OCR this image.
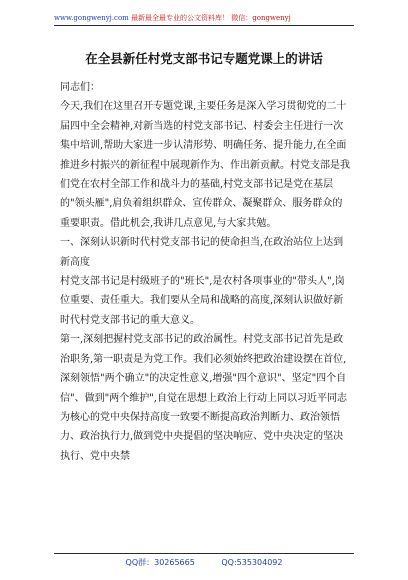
www.gongwenyj.com 最新最全最专业的公文资料库！ 微信：gongwenyj
在全县新任村党支部书记专题党课上的讲话

同志们：

今天,我们在这里召开专题党课,主要任务是深入学习贯彻党的二十届四中全会精神,对新当选的村党支部书记、村委会主任进行一次集中培训,帮助大家进一步认清形势、明确任务、提升能力,在全面推进乡村振兴的新征程中展现新作为、作出新贡献。村党支部是我们党在农村全部工作和战斗力的基础,村党支部书记是党在基层的"领头雁",肩负着组织群众、宣传群众、凝聚群众、服务群众的重要职责。借此机会,我讲几点意见,与大家共勉。

一、深刻认识新时代村党支部书记的使命担当,在政治站位上达到新高度

村党支部书记是村级班子的"班长",是农村各项事业的"带头人",岗位重要、责任重大。我们要从全局和战略的高度,深刻认识做好新时代村党支部书记的重大意义。

第一,深刻把握村党支部书记的政治属性。村党支部书记首先是政治职务,第一职责是为党工作。我们必须始终把政治建设摆在首位,深刻领悟"两个确立"的决定性意义,增强"四个意识"、坚定"四个自信"、做到"两个维护",自觉在思想上政治上行动上同以习近平同志为核心的党中央保持高度一致要不断提高政治判断力、政治领悟力、政治执行力,做到党中央提倡的坚决响应、党中央决定的坚决执行、党中央禁

QQ群：30265665	QQ:535304092
